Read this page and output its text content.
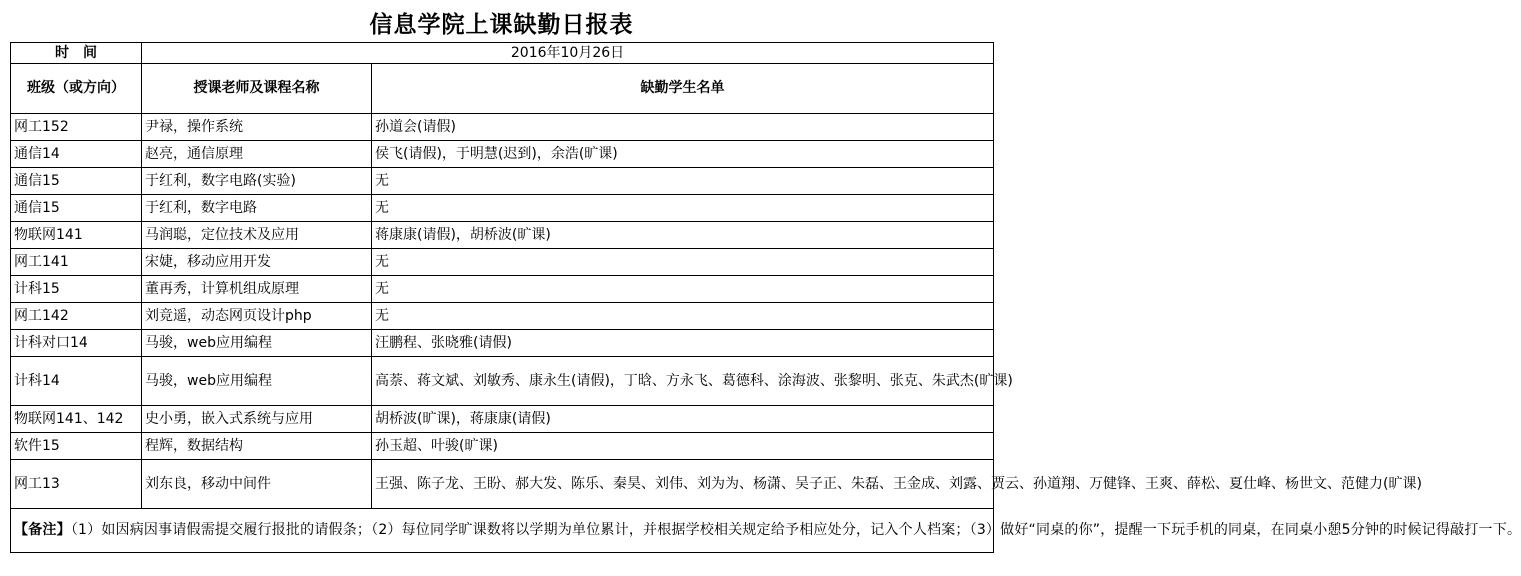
信息学院上课缺勤日报表
时　间	2016年10月26日	
班级（或方向）	授课老师及课程名称	缺勤学生名单
网工152	尹禄，操作系统	孙道会(请假)
通信14	赵亮，通信原理	侯飞(请假)，于明慧(迟到)，余浩(旷课)
通信15	于红利，数字电路(实验)	无
通信15	于红利，数字电路	无
物联网141	马润聪，定位技术及应用	蒋康康(请假)，胡桥波(旷课)
网工141	宋婕，移动应用开发	无
计科15	董再秀，计算机组成原理	无
网工142	刘竞遥，动态网页设计php	无
计科对口14	马骏，web应用编程	汪鹏程、张晓雅(请假)
计科14	马骏，web应用编程	高萘、蒋文斌、刘敏秀、康永生(请假)，丁晗、方永飞、葛德科、涂海波、张黎明、张克、朱武杰(旷课)
物联网141、142	史小勇，嵌入式系统与应用	胡桥波(旷课)，蒋康康(请假)
软件15	程辉，数据结构	孙玉超、叶骏(旷课)
网工13	刘东良，移动中间件	王强、陈子龙、王盼、郝大发、陈乐、秦昊、刘伟、刘为为、杨潇、吴子正、朱磊、王金成、刘露、贾云、孙道翔、万健锋、王爽、薛松、夏仕峰、杨世文、范健力(旷课)
【备注】（1）如因病因事请假需提交履行报批的请假条；（2）每位同学旷课数将以学期为单位累计，并根据学校相关规定给予相应处分，记入个人档案；（3）做好“同桌的你”，提醒一下玩手机的同桌，在同桌小憩5分钟的时候记得敲打一下。		
